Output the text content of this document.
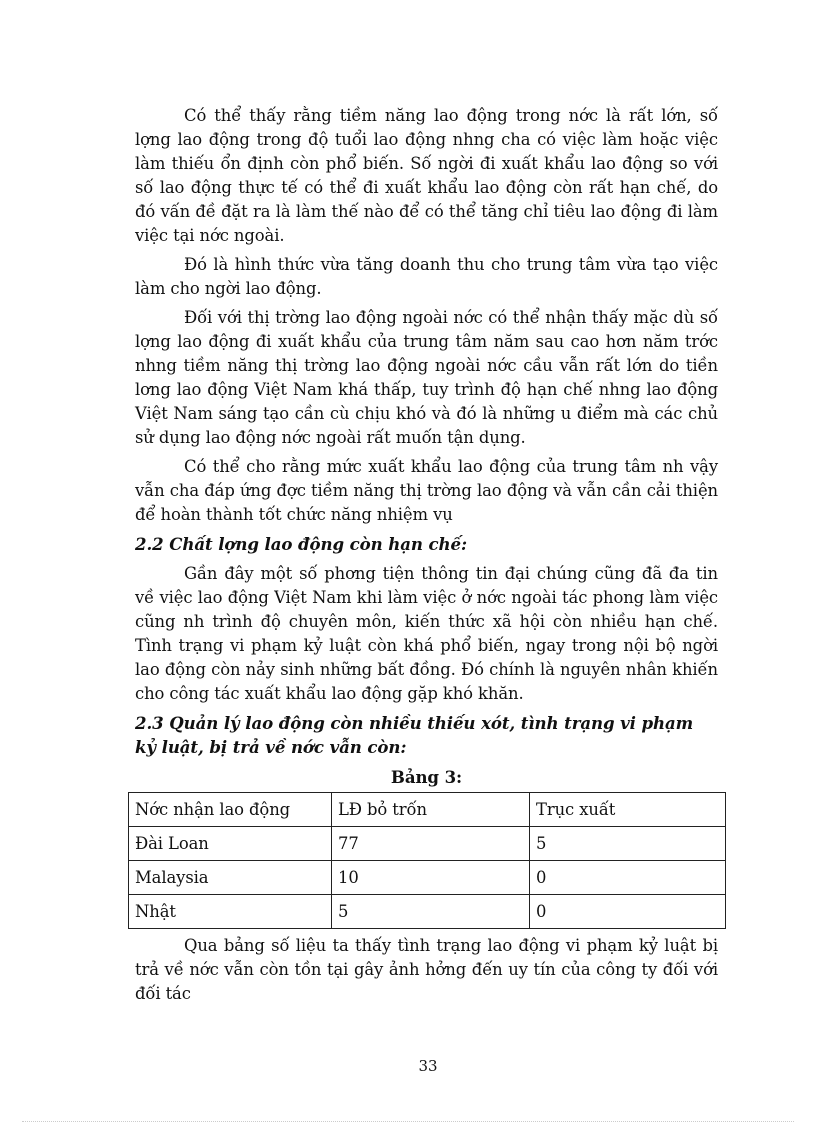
Có thể thấy rằng tiềm năng lao động trong nớc là rất lớn, số lợng lao động trong độ tuổi lao động nhng cha có việc làm hoặc việc làm thiếu ổn định còn phổ biến. Số ngời đi xuất khẩu lao động so với số lao động thực tế có thể đi xuất khẩu lao động còn rất hạn chế, do đó vấn đề đặt ra là làm thế nào để có thể tăng chỉ tiêu lao động đi làm việc tại nớc ngoài.

Đó là hình thức vừa tăng doanh thu cho trung tâm vừa tạo việc làm cho ngời lao động.

Đối với thị trờng lao động ngoài nớc có thể nhận thấy mặc dù số lợng lao động đi xuất khẩu của trung tâm năm sau cao hơn năm trớc nhng tiềm năng thị trờng lao động ngoài nớc cầu vẫn rất lớn do tiền lơng lao động Việt Nam khá thấp, tuy trình độ hạn chế nhng lao động Việt Nam sáng tạo cần cù chịu khó và đó là những u điểm mà các chủ sử dụng lao động nớc ngoài rất muốn tận dụng.

Có thể cho rằng mức xuất khẩu lao động của trung tâm nh vậy vẫn cha đáp ứng đợc tiềm năng thị trờng lao động và vẫn cần cải thiện để hoàn thành tốt chức năng nhiệm vụ

2.2 Chất lợng lao động còn hạn chế:

Gần đây một số phơng tiện thông tin đại chúng cũng đã đa tin về việc lao động Việt Nam khi làm việc ở nớc ngoài tác phong làm việc cũng nh trình độ chuyên môn, kiến thức xã hội còn nhiều hạn chế. Tình trạng vi phạm kỷ luật còn khá phổ biến, ngay trong nội bộ ngời lao động còn nảy sinh những bất đồng. Đó chính là nguyên nhân khiến cho công tác xuất khẩu lao động gặp khó khăn.

2.3 Quản lý lao động còn nhiều thiếu xót, tình trạng vi phạm kỷ luật, bị trả về nớc vẫn còn:
Bảng 3:
Nớc nhận lao động	LĐ bỏ trốn	Trục xuất
Đài Loan	77	5
Malaysia	10	0
Nhật	5	0

Qua bảng số liệu ta thấy tình trạng lao động vi phạm kỷ luật bị trả về nớc vẫn còn tồn tại gây ảnh hởng đến uy tín của công ty đối với đối tác

33
